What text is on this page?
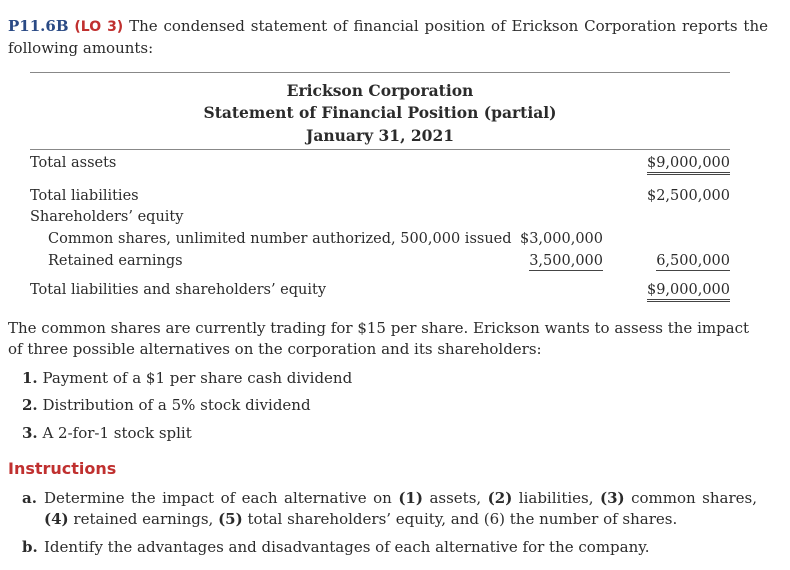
P11.6B (LO 3) The condensed statement of financial position of Erickson Corporation reports the following amounts:
Erickson Corporation
Statement of Financial Position (partial)
January 31, 2021
Total assets	$9,000,000
Total liabilities	$2,500,000
Shareholders’ equity
Common shares, unlimited number authorized, 500,000 issued $3,000,000
Retained earnings	3,500,000	6,500,000
Total liabilities and shareholders’ equity	$9,000,000
The common shares are currently trading for $15 per share. Erickson wants to assess the impact of three possible alternatives on the corporation and its shareholders:
1. Payment of a $1 per share cash dividend
2. Distribution of a 5% stock dividend
3. A 2-for-1 stock split
Instructions
a. Determine the impact of each alternative on (1) assets, (2) liabilities, (3) common shares, (4) retained earnings, (5) total shareholders’ equity, and (6) the number of shares.
b. Identify the advantages and disadvantages of each alternative for the company.
